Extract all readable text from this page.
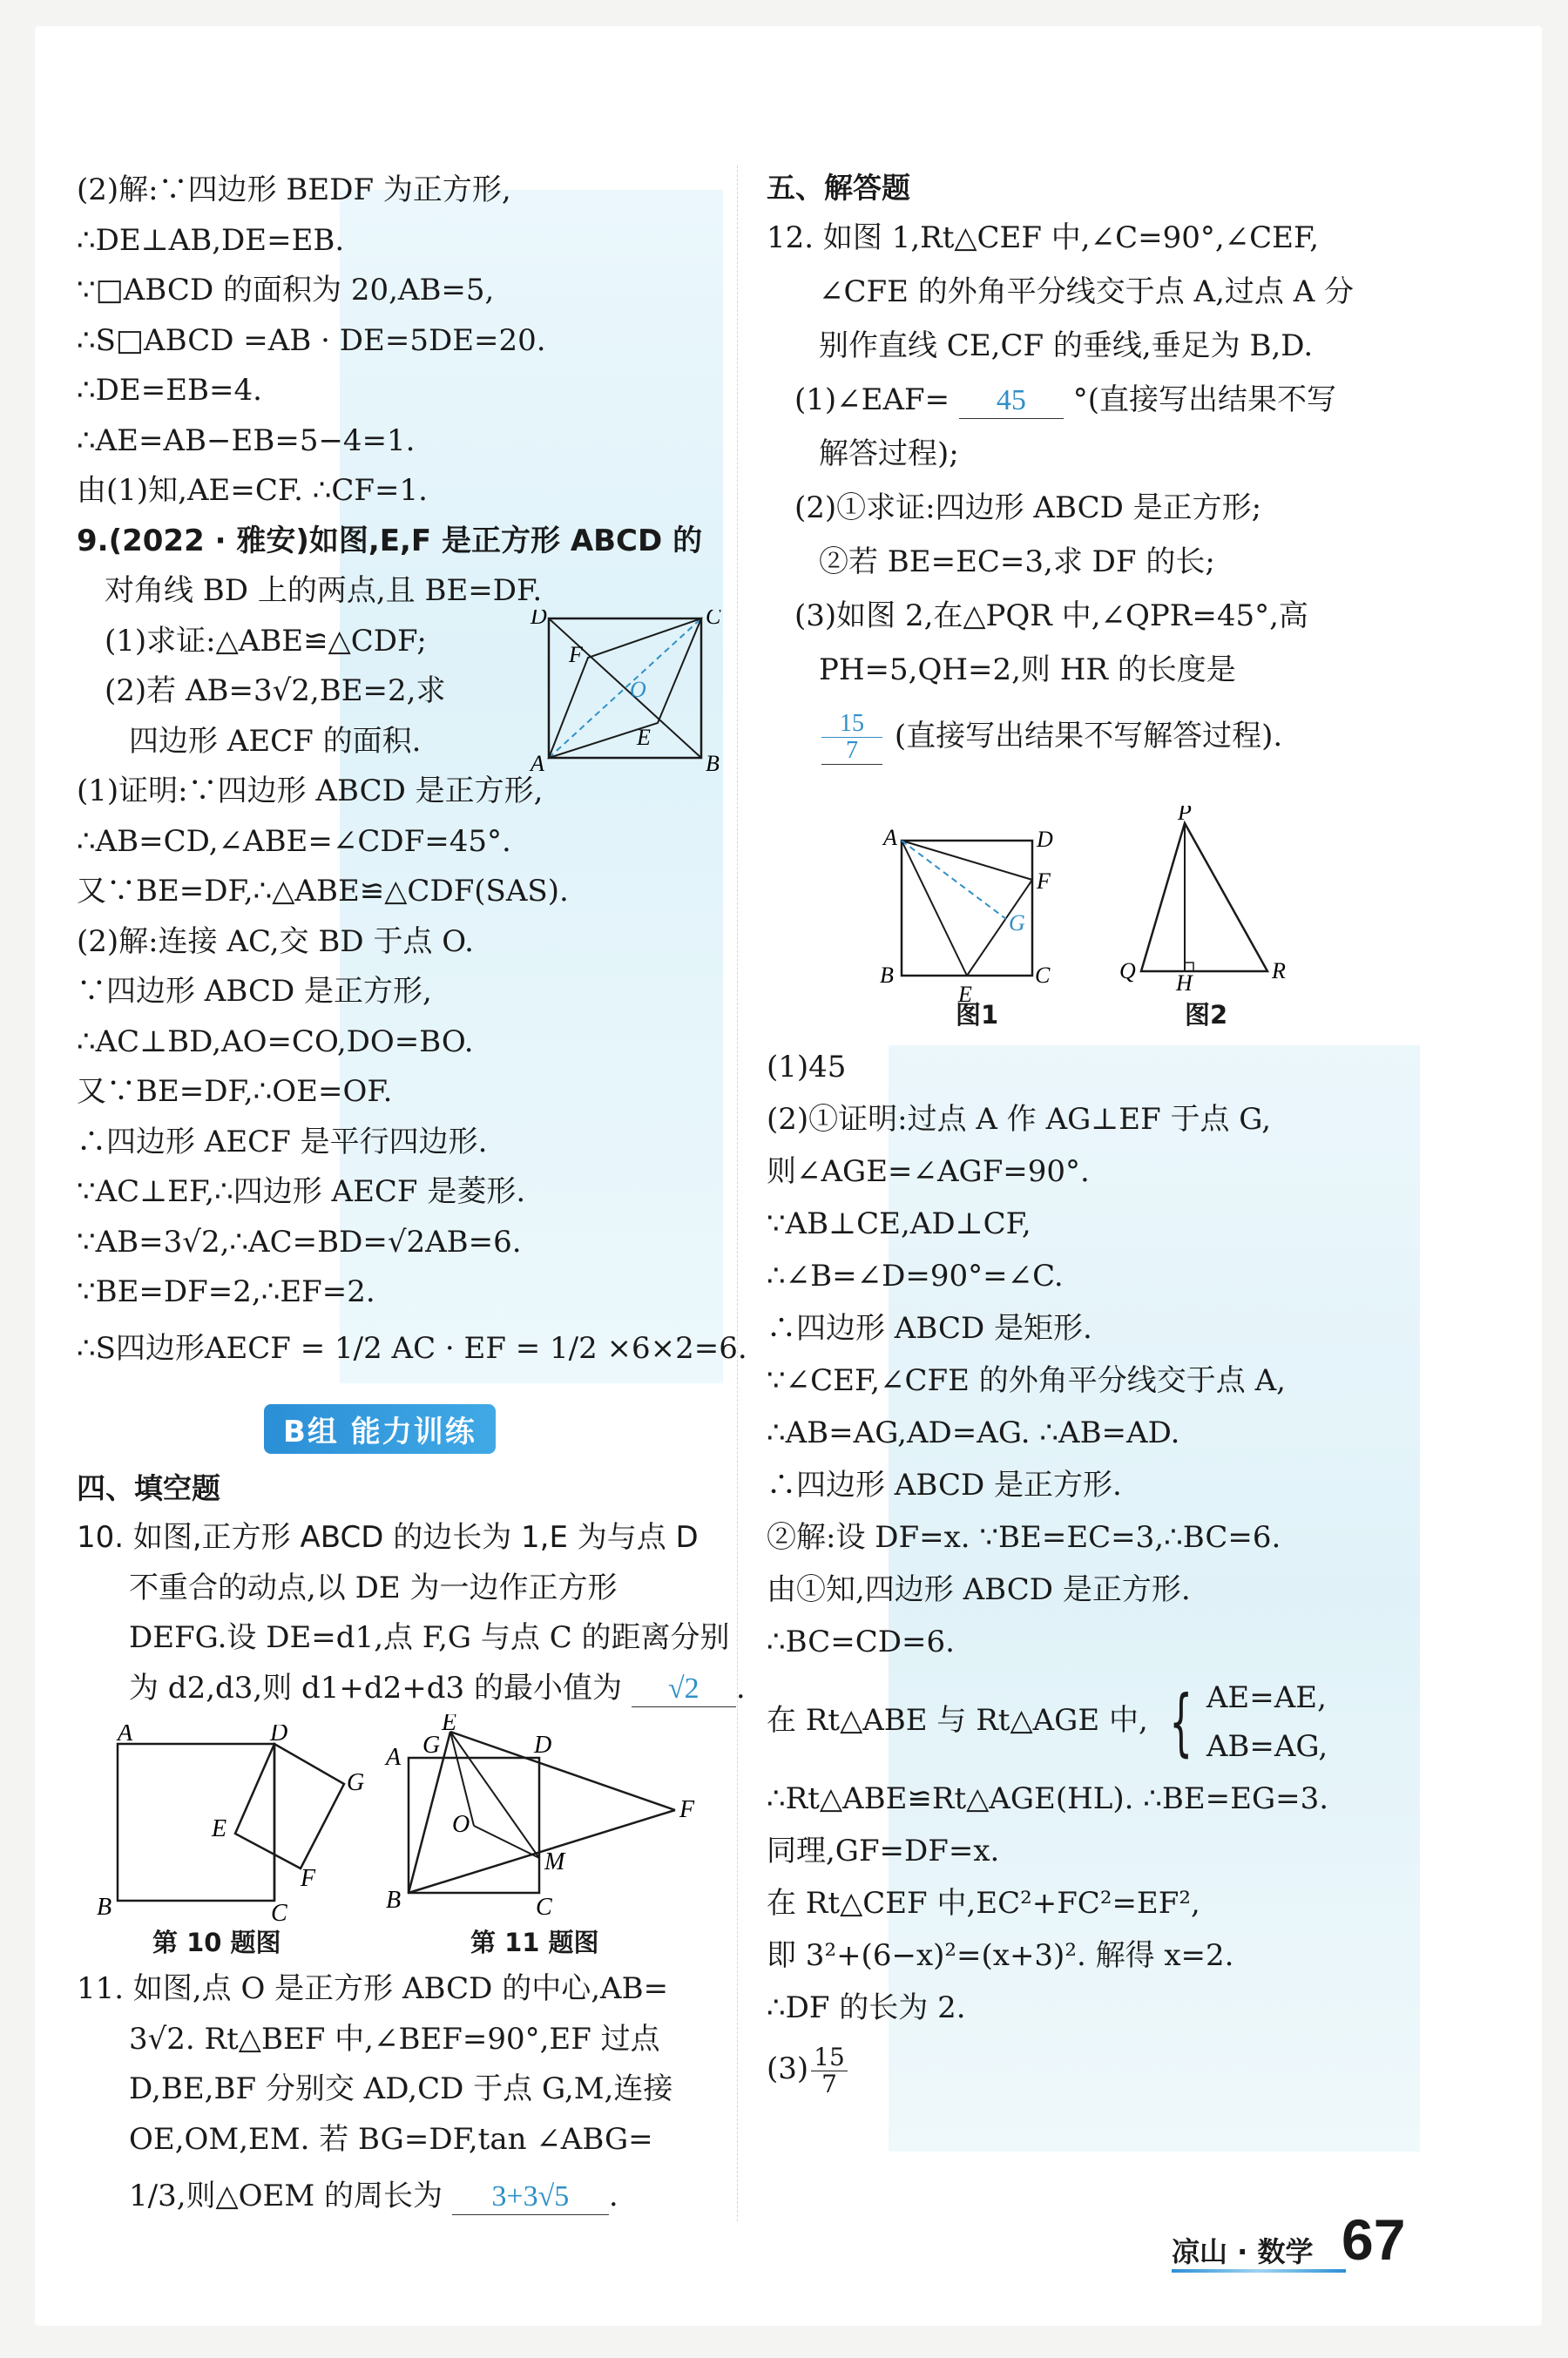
(2)解:∵四边形 BEDF 为正方形,
∴DE⊥AB,DE=EB.
∵□ABCD 的面积为 20,AB=5,
∴S□ABCD =AB · DE=5DE=20.
∴DE=EB=4.
∴AE=AB−EB=5−4=1.
由(1)知,AE=CF. ∴CF=1.
9.(2022 · 雅安)如图,E,F 是正方形 ABCD 的
对角线 BD 上的两点,且 BE=DF.
(1)求证:△ABE≌△CDF;
(2)若 AB=3√2,BE=2,求
四边形 AECF 的面积.
(1)证明:∵四边形 ABCD 是正方形,
∴AB=CD,∠ABE=∠CDF=45°.
又∵BE=DF,∴△ABE≌△CDF(SAS).
(2)解:连接 AC,交 BD 于点 O.
∵四边形 ABCD 是正方形,
∴AC⊥BD,AO=CO,DO=BO.
又∵BE=DF,∴OE=OF.
∴四边形 AECF 是平行四边形.
∵AC⊥EF,∴四边形 AECF 是菱形.
∵AB=3√2,∴AC=BD=√2AB=6.
∵BE=DF=2,∴EF=2.
∴S四边形AECF = 1/2 AC · EF = 1/2 ×6×2=6.
D	C
A	B
F
O
E
B组 能力训练
四、填空题
10. 如图,正方形 ABCD 的边长为 1,E 为与点 D
不重合的动点,以 DE 为一边作正方形
DEFG.设 DE=d1,点 F,G 与点 C 的距离分别
为 d2,d3,则 d1+d2+d3 的最小值为 √2 .
A	D
B	C
E
F
G
E
G
A	D
F
O
M
B	C
第 10 题图	第 11 题图
11. 如图,点 O 是正方形 ABCD 的中心,AB=
3√2. Rt△BEF 中,∠BEF=90°,EF 过点
D,BE,BF 分别交 AD,CD 于点 G,M,连接
OE,OM,EM. 若 BG=DF,tan ∠ABG=
1/3,则△OEM 的周长为 3+3√5 .
五、解答题
12. 如图 1,Rt△CEF 中,∠C=90°,∠CEF,
∠CFE 的外角平分线交于点 A,过点 A 分
别作直线 CE,CF 的垂线,垂足为 B,D.
(1)∠EAF= 45 °(直接写出结果不写
解答过程);
(2)①求证:四边形 ABCD 是正方形;
②若 BE=EC=3,求 DF 的长;
(3)如图 2,在△PQR 中,∠QPR=45°,高
PH=5,QH=2,则 HR 的长度是
$\frac{15}{7}$ (直接写出结果不写解答过程).
A	D
F
G
B	C
E
P
Q H	R
图1	图2
(1)45
(2)①证明:过点 A 作 AG⊥EF 于点 G,
则∠AGE=∠AGF=90°.
∵AB⊥CE,AD⊥CF,
∴∠B=∠D=90°=∠C.
∴四边形 ABCD 是矩形.
∵∠CEF,∠CFE 的外角平分线交于点 A,
∴AB=AG,AD=AG. ∴AB=AD.
∴四边形 ABCD 是正方形.
②解:设 DF=x. ∵BE=EC=3,∴BC=6.
由①知,四边形 ABCD 是正方形.
∴BC=CD=6.
在 Rt△ABE 与 Rt△AGE 中, { AE=AE,
AB=AG,
∴Rt△ABE≌Rt△AGE(HL). ∴BE=EG=3.
同理,GF=DF=x.
在 Rt△CEF 中,EC²+FC²=EF²,
即 3²+(6−x)²=(x+3)². 解得 x=2.
∴DF 的长为 2.
$(3) \frac{15}{7}$
凉山 · 数学 67
